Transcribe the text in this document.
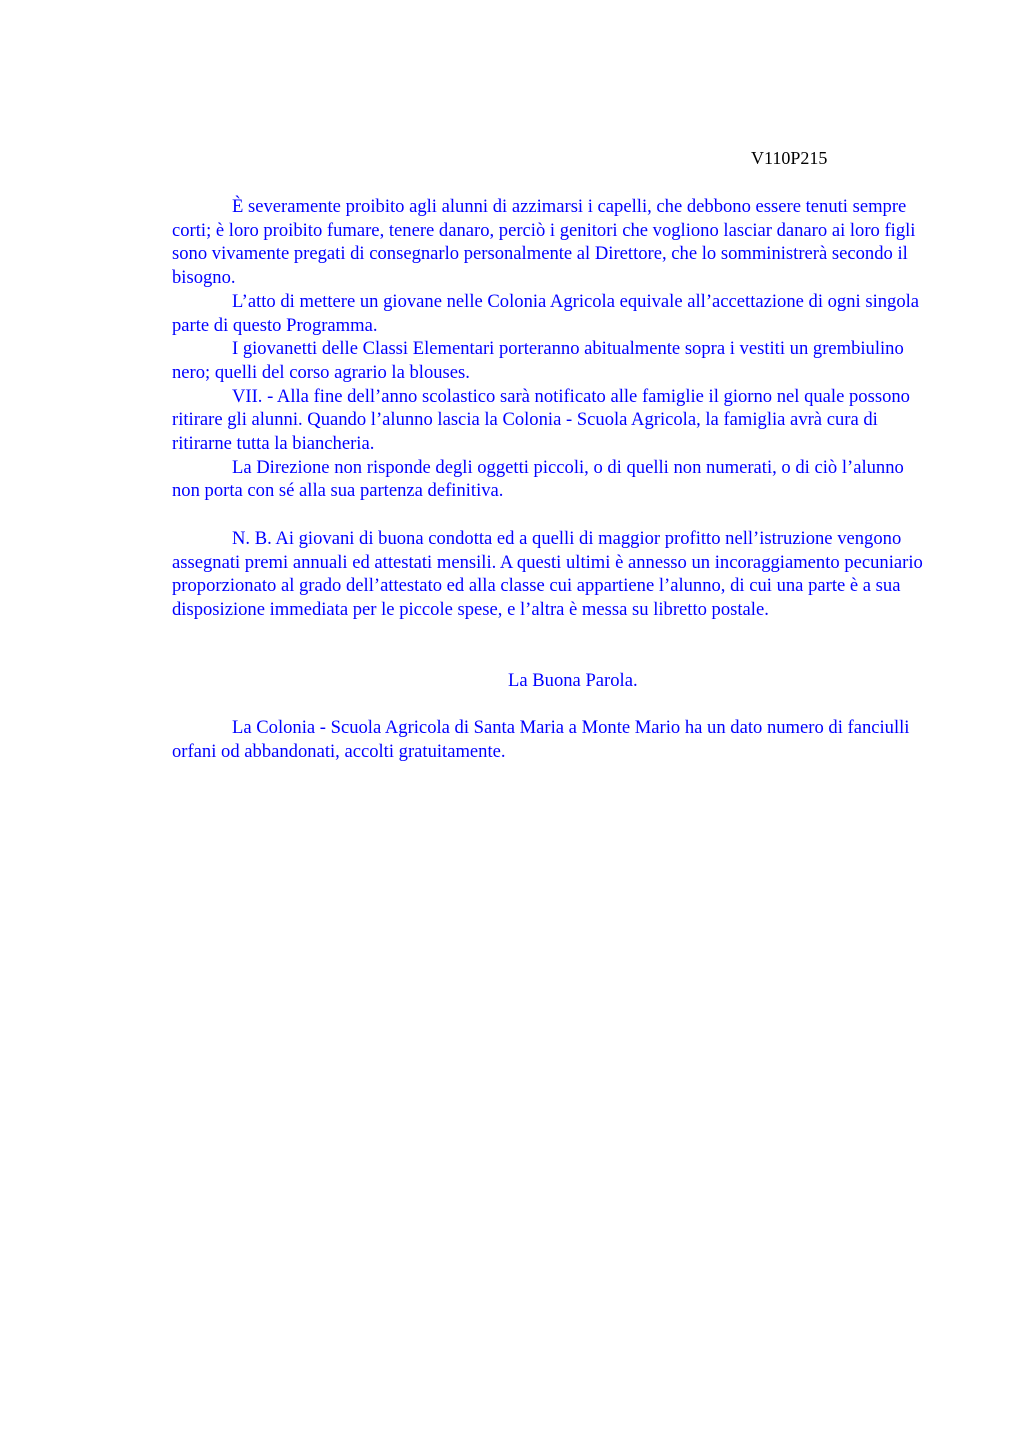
V110P215

È severamente proibito agli alunni di azzimarsi i capelli, che debbono essere tenuti sempre corti; è loro proibito fumare, tenere danaro, perciò i genitori che vogliono lasciar danaro ai loro figli sono vivamente pregati di consegnarlo personalmente al Direttore, che lo somministrerà secondo il bisogno.

L’atto di mettere un giovane nelle Colonia Agricola equivale all’accettazione di ogni singola parte di questo Programma.

I giovanetti delle Classi Elementari porteranno abitualmente sopra i vestiti un grembiulino nero; quelli del corso agrario la blouses.

VII. - Alla fine dell’anno scolastico sarà notificato alle famiglie il giorno nel quale possono ritirare gli alunni. Quando l’alunno lascia la Colonia - Scuola Agricola, la famiglia avrà cura di ritirarne tutta la biancheria.

La Direzione non risponde degli oggetti piccoli, o di quelli non numerati, o di ciò l’alunno non porta con sé alla sua partenza definitiva.

N. B. Ai giovani di buona condotta ed a quelli di maggior profitto nell’istruzione vengono assegnati premi annuali ed attestati mensili. A questi ultimi è annesso un incoraggiamento pecuniario proporzionato al grado dell’attestato ed alla classe cui appartiene l’alunno, di cui una parte è a sua disposizione immediata per le piccole spese, e l’altra è messa su libretto postale.

La Buona Parola.

La Colonia - Scuola Agricola di Santa Maria a Monte Mario ha un dato numero di fanciulli orfani od abbandonati, accolti gratuitamente.
